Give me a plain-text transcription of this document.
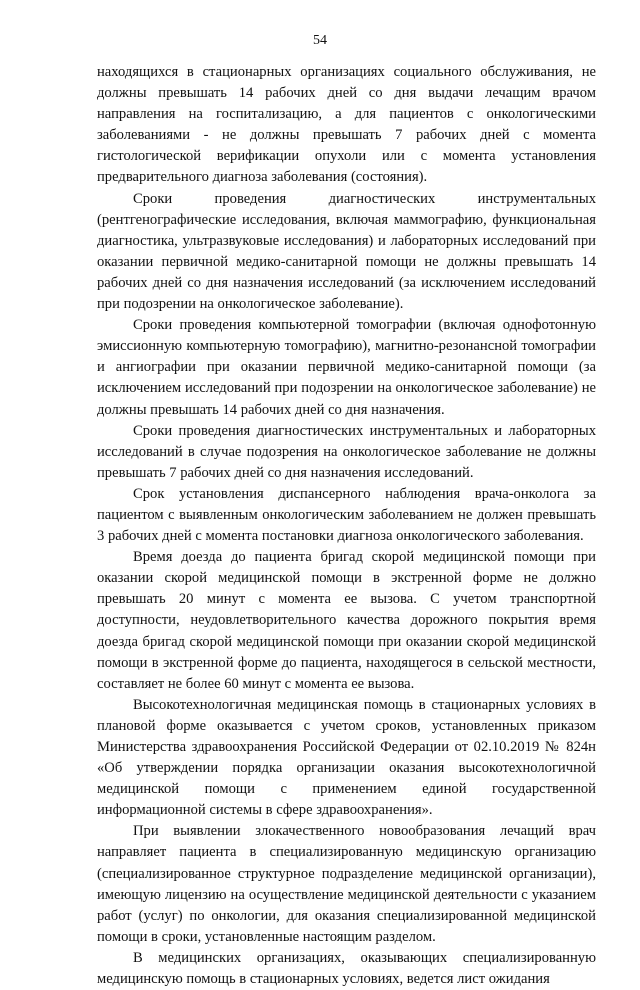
54

находящихся в стационарных организациях социального обслуживания, не должны превышать 14 рабочих дней со дня выдачи лечащим врачом направления на госпитализацию, а для пациентов с онкологическими заболеваниями - не должны превышать 7 рабочих дней с момента гистологической верификации опухоли или с момента установления предварительного диагноза заболевания (состояния).

Сроки проведения диагностических инструментальных (рентгенографические исследования, включая маммографию, функциональная диагностика, ультразвуковые исследования) и лабораторных исследований при оказании первичной медико-санитарной помощи не должны превышать 14 рабочих дней со дня назначения исследований (за исключением исследований при подозрении на онкологическое заболевание).

Сроки проведения компьютерной томографии (включая однофотонную эмиссионную компьютерную томографию), магнитно-резонансной томографии и ангиографии при оказании первичной медико-санитарной помощи (за исключением исследований при подозрении на онкологическое заболевание) не должны превышать 14 рабочих дней со дня назначения.

Сроки проведения диагностических инструментальных и лабораторных исследований в случае подозрения на онкологическое заболевание не должны превышать 7 рабочих дней со дня назначения исследований.

Срок установления диспансерного наблюдения врача-онколога за пациентом с выявленным онкологическим заболеванием не должен превышать 3 рабочих дней с момента постановки диагноза онкологического заболевания.

Время доезда до пациента бригад скорой медицинской помощи при оказании скорой медицинской помощи в экстренной форме не должно превышать 20 минут с момента ее вызова. С учетом транспортной доступности, неудовлетворительного качества дорожного покрытия время доезда бригад скорой медицинской помощи при оказании скорой медицинской помощи в экстренной форме до пациента, находящегося в сельской местности, составляет не более 60 минут с момента ее вызова.

Высокотехнологичная медицинская помощь в стационарных условиях в плановой форме оказывается с учетом сроков, установленных приказом Министерства здравоохранения Российской Федерации от 02.10.2019 № 824н «Об утверждении порядка организации оказания высокотехнологичной медицинской помощи с применением единой государственной информационной системы в сфере здравоохранения».

При выявлении злокачественного новообразования лечащий врач направляет пациента в специализированную медицинскую организацию (специализированное структурное подразделение медицинской организации), имеющую лицензию на осуществление медицинской деятельности с указанием работ (услуг) по онкологии, для оказания специализированной медицинской помощи в сроки, установленные настоящим разделом.

В медицинских организациях, оказывающих специализированную медицинскую помощь в стационарных условиях, ведется лист ожидания
